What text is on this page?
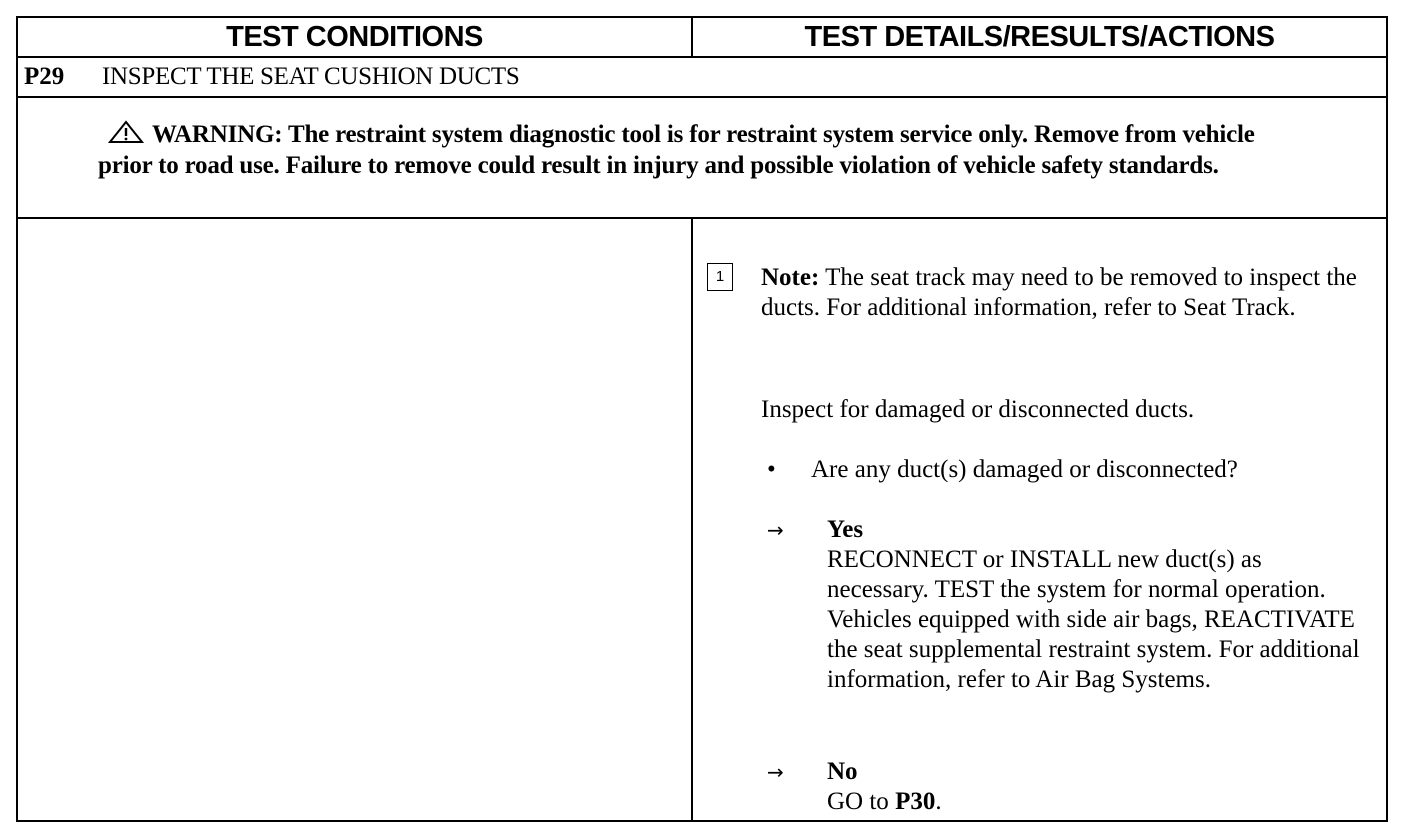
TEST CONDITIONS	TEST DETAILS/RESULTS/ACTIONS
P29	INSPECT THE SEAT CUSHION DUCTS
WARNING: The restraint system diagnostic tool is for restraint system service only. Remove from vehicle prior to road use. Failure to remove could result in injury and possible violation of vehicle safety standards.
1	Note: The seat track may need to be removed to inspect the ducts. For additional information, refer to Seat Track.
Inspect for damaged or disconnected ducts.
•	Are any duct(s) damaged or disconnected?
→	Yes
RECONNECT or INSTALL new duct(s) as necessary. TEST the system for normal operation. Vehicles equipped with side air bags, REACTIVATE the seat supplemental restraint system. For additional information, refer to Air Bag Systems.
→	No
GO to P30.
